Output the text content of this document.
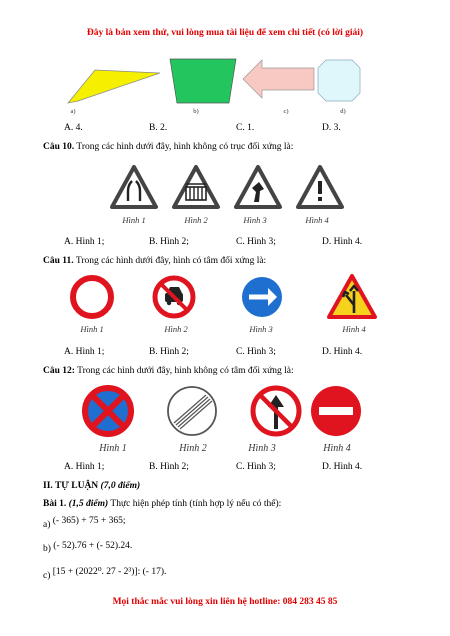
Đây là bản xem thử, vui lòng mua tài liệu để xem chi tiết (có lời giải)
a)	b)	c)	d)
A. 4.	B. 2.	C. 1.	D. 3.
Câu 10. Trong các hình dưới đây, hình không có trục đối xứng là:
Hình 1	Hình 2	Hình 3	Hình 4
A. Hình 1;	B. Hình 2;	C. Hình 3;	D. Hình 4.
Câu 11. Trong các hình dưới đây, hình có tâm đối xứng là:
Hình 1	Hình 2	Hình 3	Hình 4
A. Hình 1;	B. Hình 2;	C. Hình 3;	D. Hình 4.
Câu 12: Trong các hình dưới đây, hình không có tâm đối xứng là:
Hình 1	Hình 2	Hình 3	Hình 4
A. Hình 1;	B. Hình 2;	C. Hình 3;	D. Hình 4.
II. TỰ LUẬN (7,0 điểm)
Bài 1. (1,5 điểm) Thực hiện phép tính (tính hợp lý nếu có thể):
a) (- 365) + 75 + 365;
b) (- 52).76 + (- 52).24.
c) [15 + (2022⁰. 27 - 2³)]: (- 17).
Mọi thắc mắc vui lòng xin liên hệ hotline: 084 283 45 85
